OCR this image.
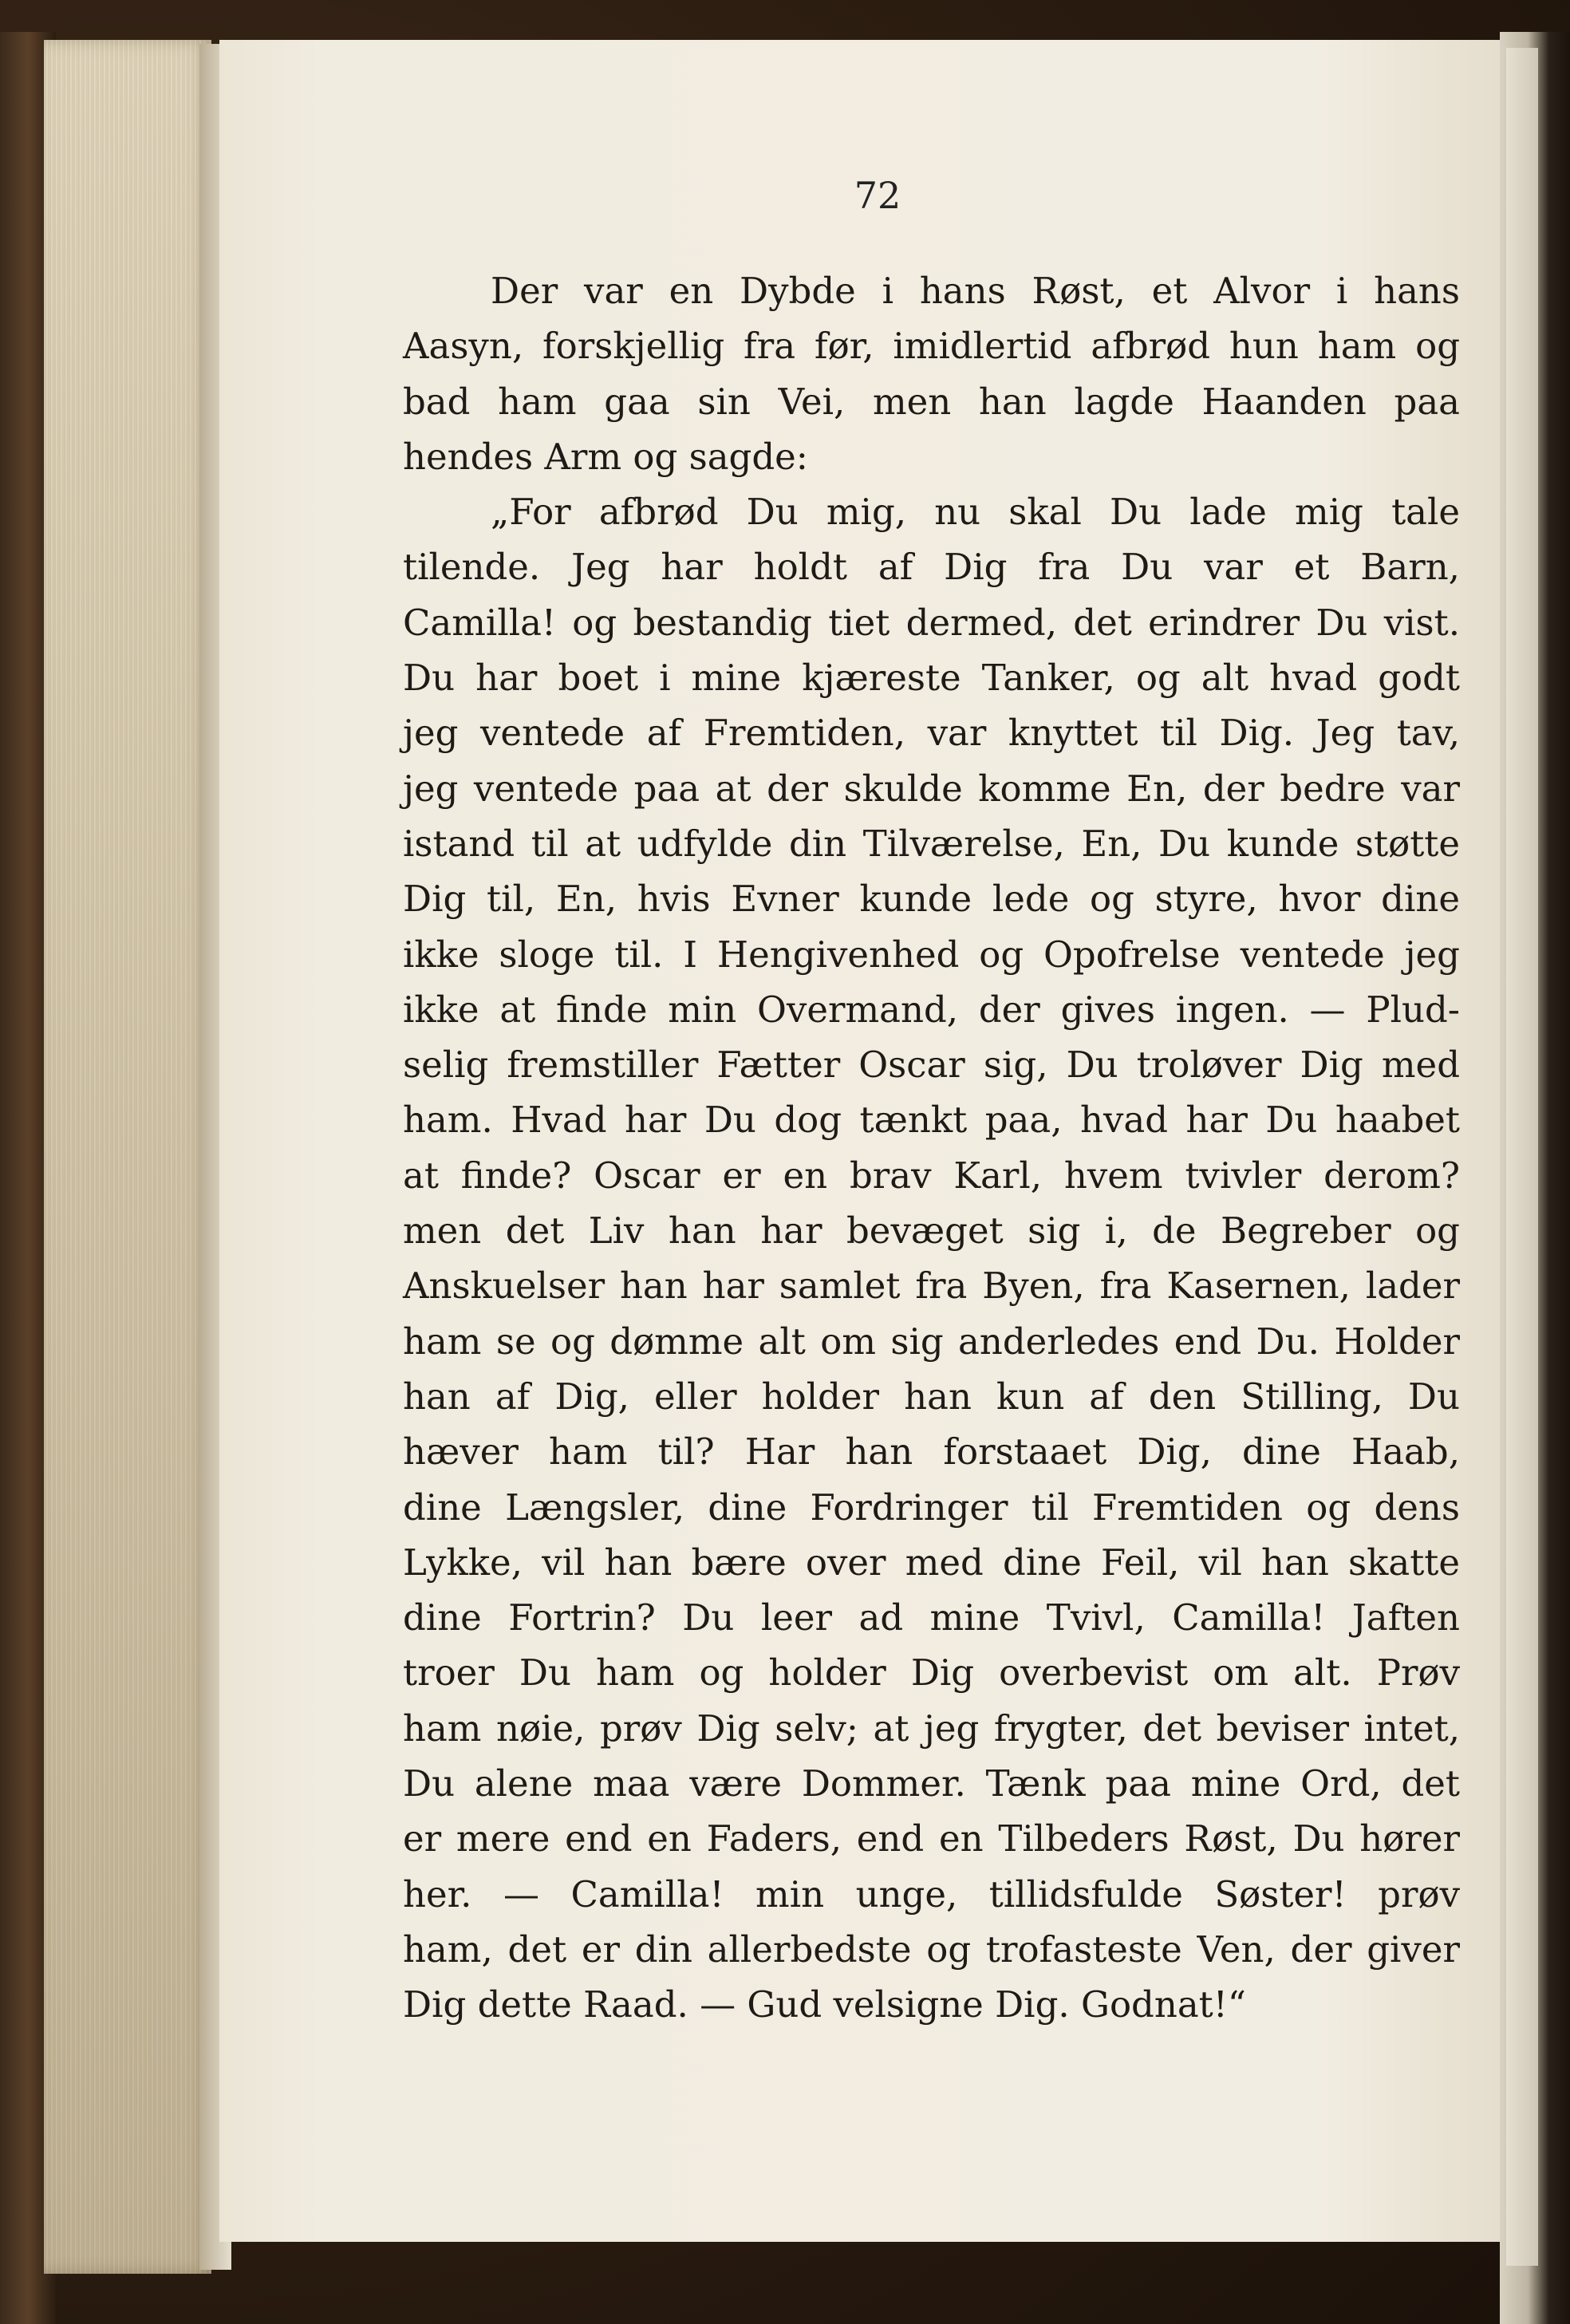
72
Der var en Dybde i hans Røst, et Alvor i hans
Aasyn, forskjellig fra før, imidlertid afbrød hun ham og
bad ham gaa sin Vei, men han lagde Haanden paa
hendes Arm og sagde:
„For afbrød Du mig, nu skal Du lade mig tale
tilende. Jeg har holdt af Dig fra Du var et Barn,
Camilla! og bestandig tiet dermed, det erindrer Du vist.
Du har boet i mine kjæreste Tanker, og alt hvad godt
jeg ventede af Fremtiden, var knyttet til Dig. Jeg tav,
jeg ventede paa at der skulde komme En, der bedre var
istand til at udfylde din Tilværelse, En, Du kunde støtte
Dig til, En, hvis Evner kunde lede og styre, hvor dine
ikke sloge til. I Hengivenhed og Opofrelse ventede jeg
ikke at finde min Overmand, der gives ingen. — Plud-
selig fremstiller Fætter Oscar sig, Du troløver Dig med
ham. Hvad har Du dog tænkt paa, hvad har Du haabet
at finde? Oscar er en brav Karl, hvem tvivler derom?
men det Liv han har bevæget sig i, de Begreber og
Anskuelser han har samlet fra Byen, fra Kasernen, lader
ham se og dømme alt om sig anderledes end Du. Holder
han af Dig, eller holder han kun af den Stilling, Du
hæver ham til? Har han forstaaet Dig, dine Haab,
dine Længsler, dine Fordringer til Fremtiden og dens
Lykke, vil han bære over med dine Feil, vil han skatte
dine Fortrin? Du leer ad mine Tvivl, Camilla! Jaften
troer Du ham og holder Dig overbevist om alt. Prøv
ham nøie, prøv Dig selv; at jeg frygter, det beviser intet,
Du alene maa være Dommer. Tænk paa mine Ord, det
er mere end en Faders, end en Tilbeders Røst, Du hører
her. — Camilla! min unge, tillidsfulde Søster! prøv
ham, det er din allerbedste og trofasteste Ven, der giver
Dig dette Raad. — Gud velsigne Dig. Godnat!“
